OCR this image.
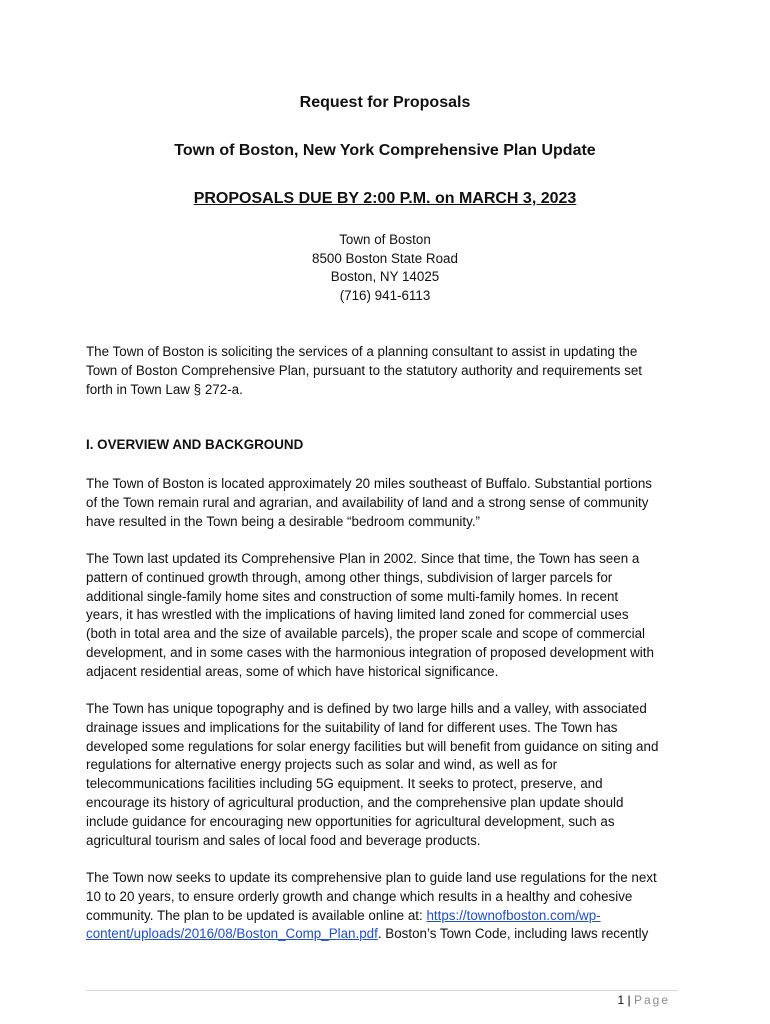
Request for Proposals
Town of Boston, New York Comprehensive Plan Update
PROPOSALS DUE BY 2:00 P.M. on MARCH 3, 2023
Town of Boston
8500 Boston State Road
Boston, NY 14025
(716) 941-6113
The Town of Boston is soliciting the services of a planning consultant to assist in updating the
Town of Boston Comprehensive Plan, pursuant to the statutory authority and requirements set
forth in Town Law § 272-a.
I. OVERVIEW AND BACKGROUND
The Town of Boston is located approximately 20 miles southeast of Buffalo. Substantial portions
of the Town remain rural and agrarian, and availability of land and a strong sense of community
have resulted in the Town being a desirable “bedroom community.”
The Town last updated its Comprehensive Plan in 2002. Since that time, the Town has seen a
pattern of continued growth through, among other things, subdivision of larger parcels for
additional single-family home sites and construction of some multi-family homes. In recent
years, it has wrestled with the implications of having limited land zoned for commercial uses
(both in total area and the size of available parcels), the proper scale and scope of commercial
development, and in some cases with the harmonious integration of proposed development with
adjacent residential areas, some of which have historical significance.
The Town has unique topography and is defined by two large hills and a valley, with associated
drainage issues and implications for the suitability of land for different uses. The Town has
developed some regulations for solar energy facilities but will benefit from guidance on siting and
regulations for alternative energy projects such as solar and wind, as well as for
telecommunications facilities including 5G equipment. It seeks to protect, preserve, and
encourage its history of agricultural production, and the comprehensive plan update should
include guidance for encouraging new opportunities for agricultural development, such as
agricultural tourism and sales of local food and beverage products.
The Town now seeks to update its comprehensive plan to guide land use regulations for the next
10 to 20 years, to ensure orderly growth and change which results in a healthy and cohesive
community. The plan to be updated is available online at: https://townofboston.com/wp-
content/uploads/2016/08/Boston_Comp_Plan.pdf. Boston’s Town Code, including laws recently
1 | Page
